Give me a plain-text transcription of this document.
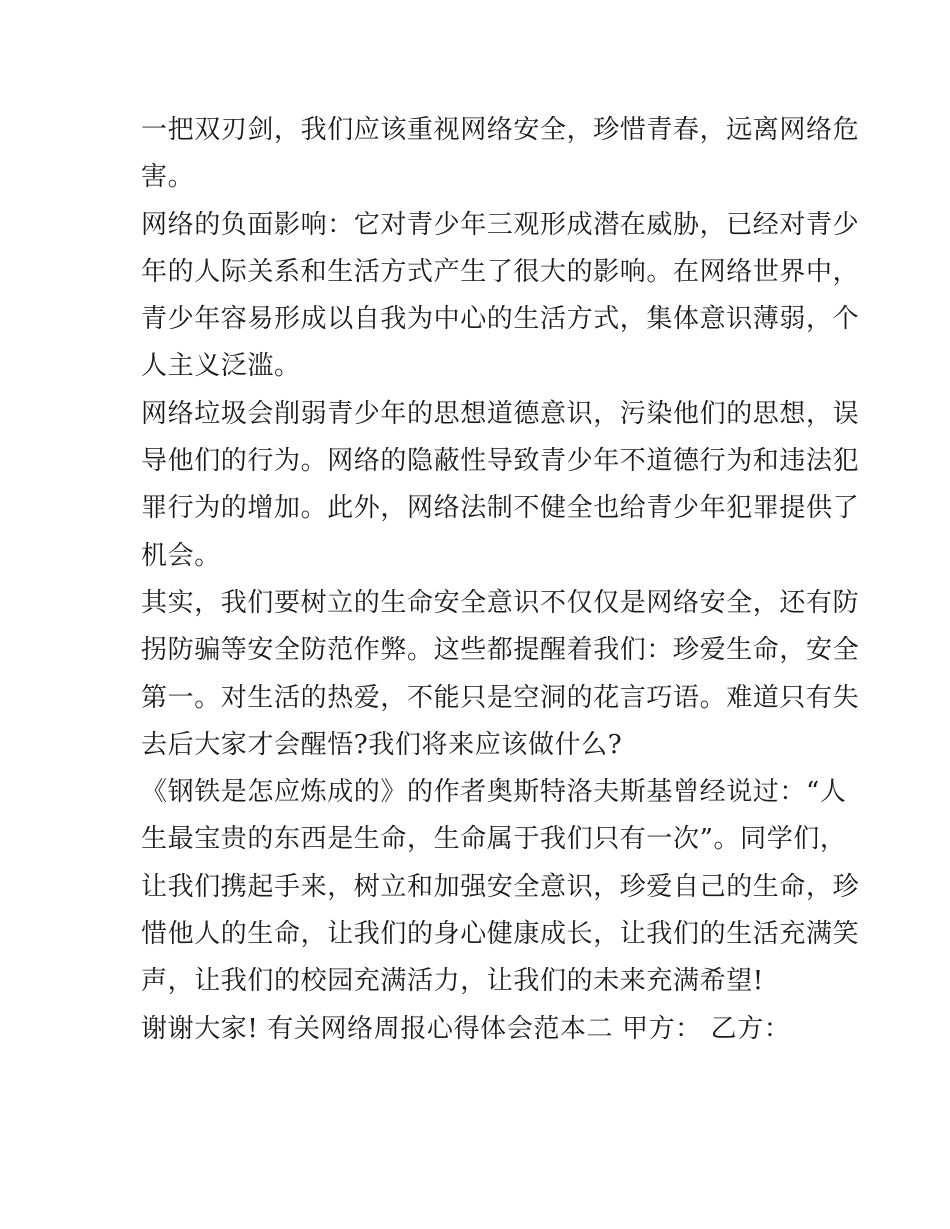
一把双刃剑，我们应该重视网络安全，珍惜青春，远离网络危
害。
网络的负面影响：它对青少年三观形成潜在威胁，已经对青少
年的人际关系和生活方式产生了很大的影响。在网络世界中，
青少年容易形成以自我为中心的生活方式，集体意识薄弱，个
人主义泛滥。
网络垃圾会削弱青少年的思想道德意识，污染他们的思想，误
导他们的行为。网络的隐蔽性导致青少年不道德行为和违法犯
罪行为的增加。此外，网络法制不健全也给青少年犯罪提供了
机会。
其实，我们要树立的生命安全意识不仅仅是网络安全，还有防
拐防骗等安全防范作弊。这些都提醒着我们：珍爱生命，安全
第一。对生活的热爱，不能只是空洞的花言巧语。难道只有失
去后大家才会醒悟?我们将来应该做什么?
《钢铁是怎应炼成的》的作者奥斯特洛夫斯基曾经说过：“人
生最宝贵的东西是生命，生命属于我们只有一次”。同学们，
让我们携起手来，树立和加强安全意识，珍爱自己的生命，珍
惜他人的生命，让我们的身心健康成长，让我们的生活充满笑
声，让我们的校园充满活力，让我们的未来充满希望!
谢谢大家! 有关网络周报心得体会范本二 甲方： 乙方：
